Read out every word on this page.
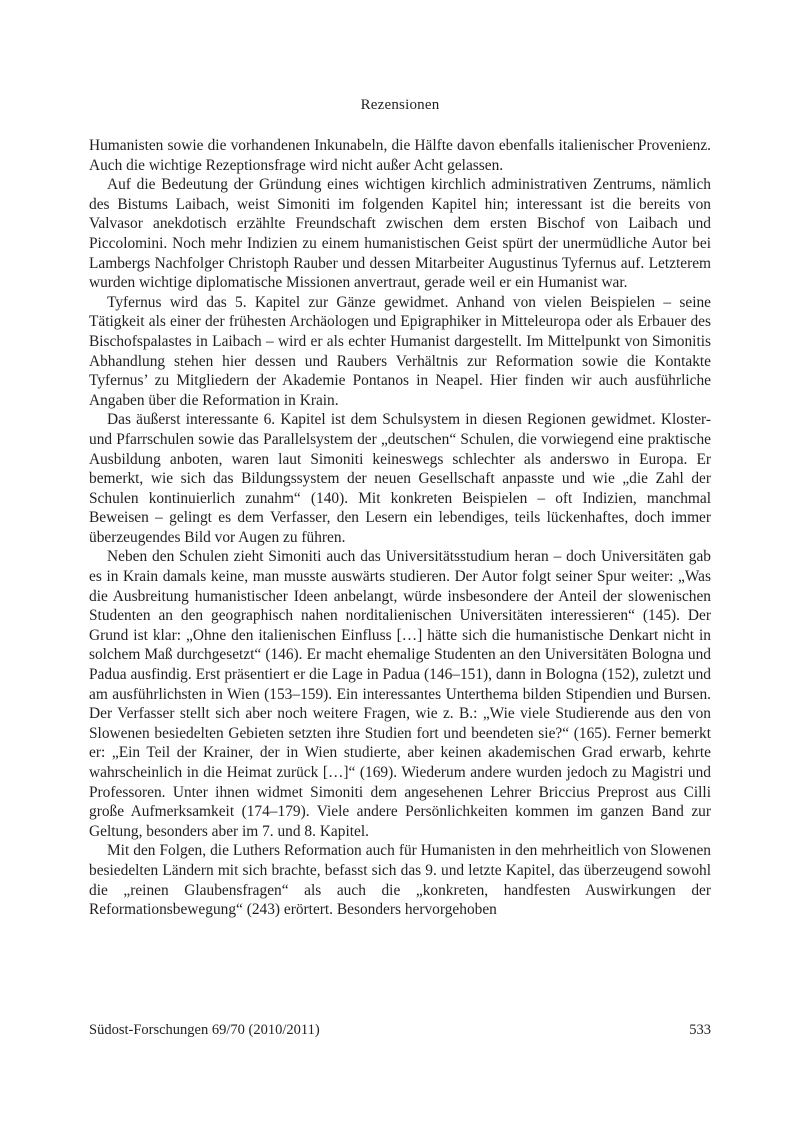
Rezensionen

Humanisten sowie die vorhandenen Inkunabeln, die Hälfte davon ebenfalls italienischer Provenienz. Auch die wichtige Rezeptionsfrage wird nicht außer Acht gelassen.

Auf die Bedeutung der Gründung eines wichtigen kirchlich administrativen Zentrums, nämlich des Bistums Laibach, weist Simoniti im folgenden Kapitel hin; interessant ist die bereits von Valvasor anekdotisch erzählte Freundschaft zwischen dem ersten Bischof von Laibach und Piccolomini. Noch mehr Indizien zu einem humanistischen Geist spürt der unermüdliche Autor bei Lambergs Nachfolger Christoph Rauber und dessen Mitarbeiter Augustinus Tyfernus auf. Letzterem wurden wichtige diplomatische Missionen anvertraut, gerade weil er ein Humanist war.

Tyfernus wird das 5. Kapitel zur Gänze gewidmet. Anhand von vielen Beispielen – seine Tätigkeit als einer der frühesten Archäologen und Epigraphiker in Mitteleuropa oder als Erbauer des Bischofspalastes in Laibach – wird er als echter Humanist dargestellt. Im Mittelpunkt von Simonitis Abhandlung stehen hier dessen und Raubers Verhältnis zur Reformation sowie die Kontakte Tyfernus’ zu Mitgliedern der Akademie Pontanos in Neapel. Hier finden wir auch ausführliche Angaben über die Reformation in Krain.

Das äußerst interessante 6. Kapitel ist dem Schulsystem in diesen Regionen gewidmet. Kloster- und Pfarrschulen sowie das Parallelsystem der „deutschen“ Schulen, die vorwiegend eine praktische Ausbildung anboten, waren laut Simoniti keineswegs schlechter als anderswo in Europa. Er bemerkt, wie sich das Bildungssystem der neuen Gesellschaft anpasste und wie „die Zahl der Schulen kontinuierlich zunahm“ (140). Mit konkreten Beispielen – oft Indizien, manchmal Beweisen – gelingt es dem Verfasser, den Lesern ein lebendiges, teils lückenhaftes, doch immer überzeugendes Bild vor Augen zu führen.

Neben den Schulen zieht Simoniti auch das Universitätsstudium heran – doch Universitäten gab es in Krain damals keine, man musste auswärts studieren. Der Autor folgt seiner Spur weiter: „Was die Ausbreitung humanistischer Ideen anbelangt, würde insbesondere der Anteil der slowenischen Studenten an den geographisch nahen norditalienischen Universitäten interessieren“ (145). Der Grund ist klar: „Ohne den italienischen Einfluss […] hätte sich die humanistische Denkart nicht in solchem Maß durchgesetzt“ (146). Er macht ehemalige Studenten an den Universitäten Bologna und Padua ausfindig. Erst präsentiert er die Lage in Padua (146–151), dann in Bologna (152), zuletzt und am ausführlichsten in Wien (153–159). Ein interessantes Unterthema bilden Stipendien und Bursen. Der Verfasser stellt sich aber noch weitere Fragen, wie z. B.: „Wie viele Studierende aus den von Slowenen besiedelten Gebieten setzten ihre Studien fort und beendeten sie?“ (165). Ferner bemerkt er: „Ein Teil der Krainer, der in Wien studierte, aber keinen akademischen Grad erwarb, kehrte wahrscheinlich in die Heimat zurück […]“ (169). Wiederum andere wurden jedoch zu Magistri und Professoren. Unter ihnen widmet Simoniti dem angesehenen Lehrer Briccius Preprost aus Cilli große Aufmerksamkeit (174–179). Viele andere Persönlichkeiten kommen im ganzen Band zur Geltung, besonders aber im 7. und 8. Kapitel.

Mit den Folgen, die Luthers Reformation auch für Humanisten in den mehrheitlich von Slowenen besiedelten Ländern mit sich brachte, befasst sich das 9. und letzte Kapitel, das überzeugend sowohl die „reinen Glaubensfragen“ als auch die „konkreten, handfesten Auswirkungen der Reformationsbewegung“ (243) erörtert. Besonders hervorgehoben

Südost-Forschungen 69/70 (2010/2011)	533
